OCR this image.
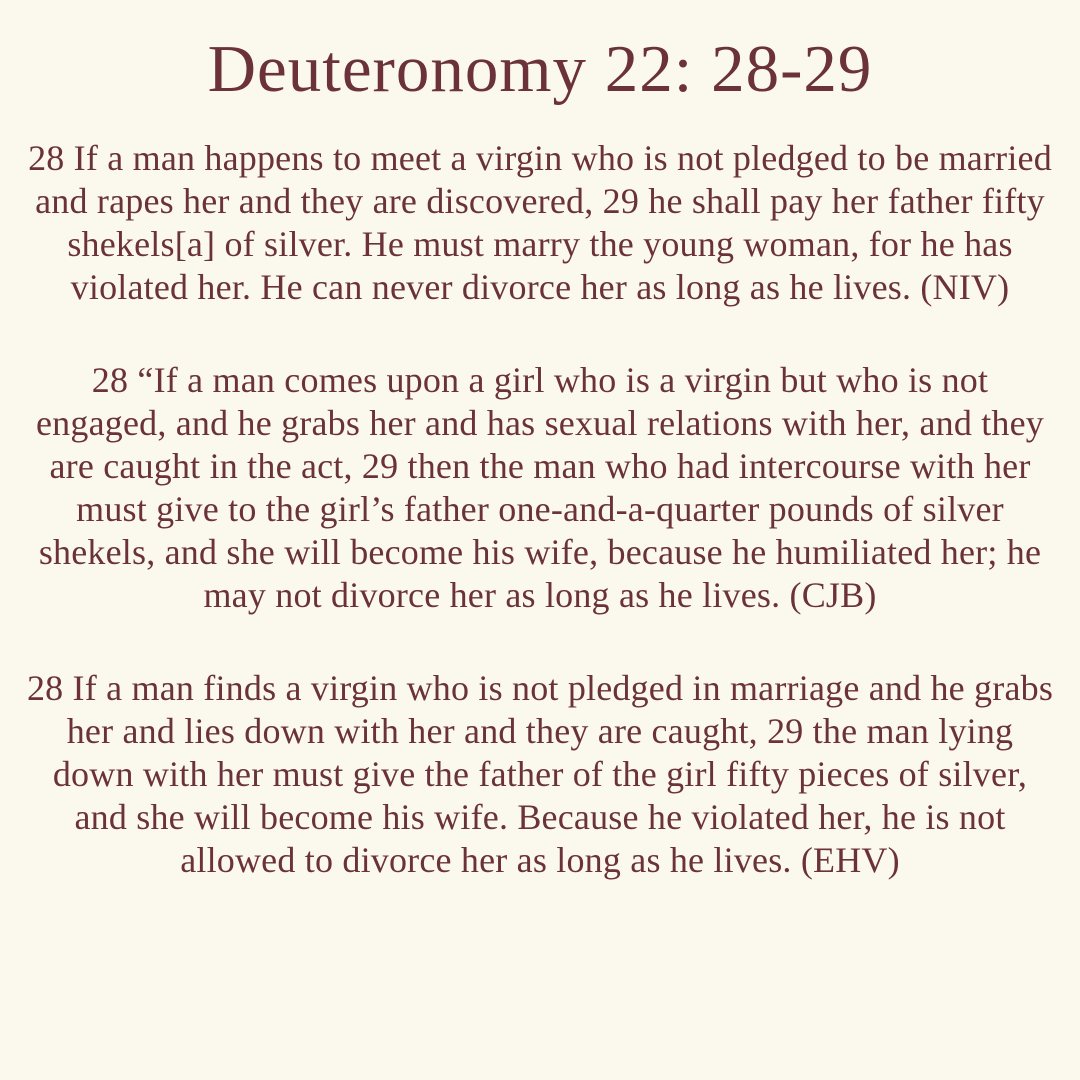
Deuteronomy 22: 28-29

28 If a man happens to meet a virgin who is not pledged to be married and rapes her and they are discovered, 29 he shall pay her father fifty shekels[a] of silver. He must marry the young woman, for he has violated her. He can never divorce her as long as he lives. (NIV)

28 “If a man comes upon a girl who is a virgin but who is not engaged, and he grabs her and has sexual relations with her, and they are caught in the act, 29 then the man who had intercourse with her must give to the girl’s father one-and-a-quarter pounds of silver shekels, and she will become his wife, because he humiliated her; he may not divorce her as long as he lives. (CJB)

28 If a man finds a virgin who is not pledged in marriage and he grabs her and lies down with her and they are caught, 29 the man lying down with her must give the father of the girl fifty pieces of silver, and she will become his wife. Because he violated her, he is not allowed to divorce her as long as he lives. (EHV)
